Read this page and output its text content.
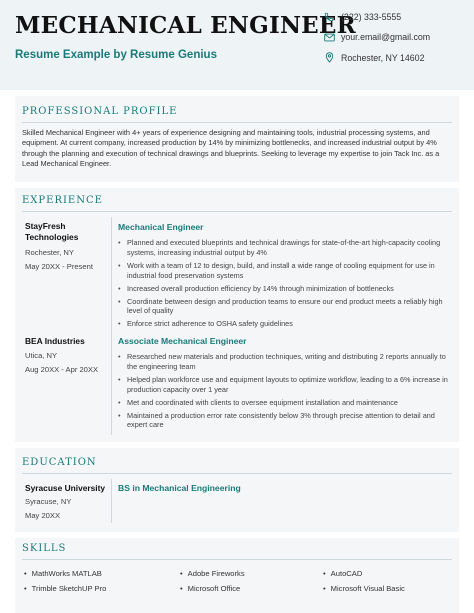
MECHANICAL ENGINEER
Resume Example by Resume Genius
(222) 333-5555
your.email@gmail.com
Rochester, NY 14602
PROFESSIONAL PROFILE
Skilled Mechanical Engineer with 4+ years of experience designing and maintaining tools, industrial processing systems, and equipment. At current company, increased production by 14% by minimizing bottlenecks, and increased industrial output by 4% through the planning and execution of technical drawings and blueprints. Seeking to leverage my expertise to join Tack Inc. as a Lead Mechanical Engineer.
EXPERIENCE
StayFresh Technologies
Rochester, NY
May 20XX - Present
Mechanical Engineer
• Planned and executed blueprints and technical drawings for state-of-the-art high-capacity cooling systems, increasing industrial output by 4%
• Work with a team of 12 to design, build, and install a wide range of cooling equipment for use in industrial food preservation systems
• Increased overall production efficiency by 14% through minimization of bottlenecks
• Coordinate between design and production teams to ensure our end product meets a reliably high level of quality
• Enforce strict adherence to OSHA safety guidelines
BEA Industries
Utica, NY
Aug 20XX - Apr 20XX
Associate Mechanical Engineer
• Researched new materials and production techniques, writing and distributing 2 reports annually to the engineering team
• Helped plan workforce use and equipment layouts to optimize workflow, leading to a 6% increase in production capacity over 1 year
• Met and coordinated with clients to oversee equipment installation and maintenance
• Maintained a production error rate consistently below 3% through precise attention to detail and expert care
EDUCATION
Syracuse University
Syracuse, NY
May 20XX
BS in Mechanical Engineering
SKILLS
• MathWorks MATLAB	• Adobe Fireworks	• AutoCAD
• Trimble SketchUP Pro	• Microsoft Office	• Microsoft Visual Basic
